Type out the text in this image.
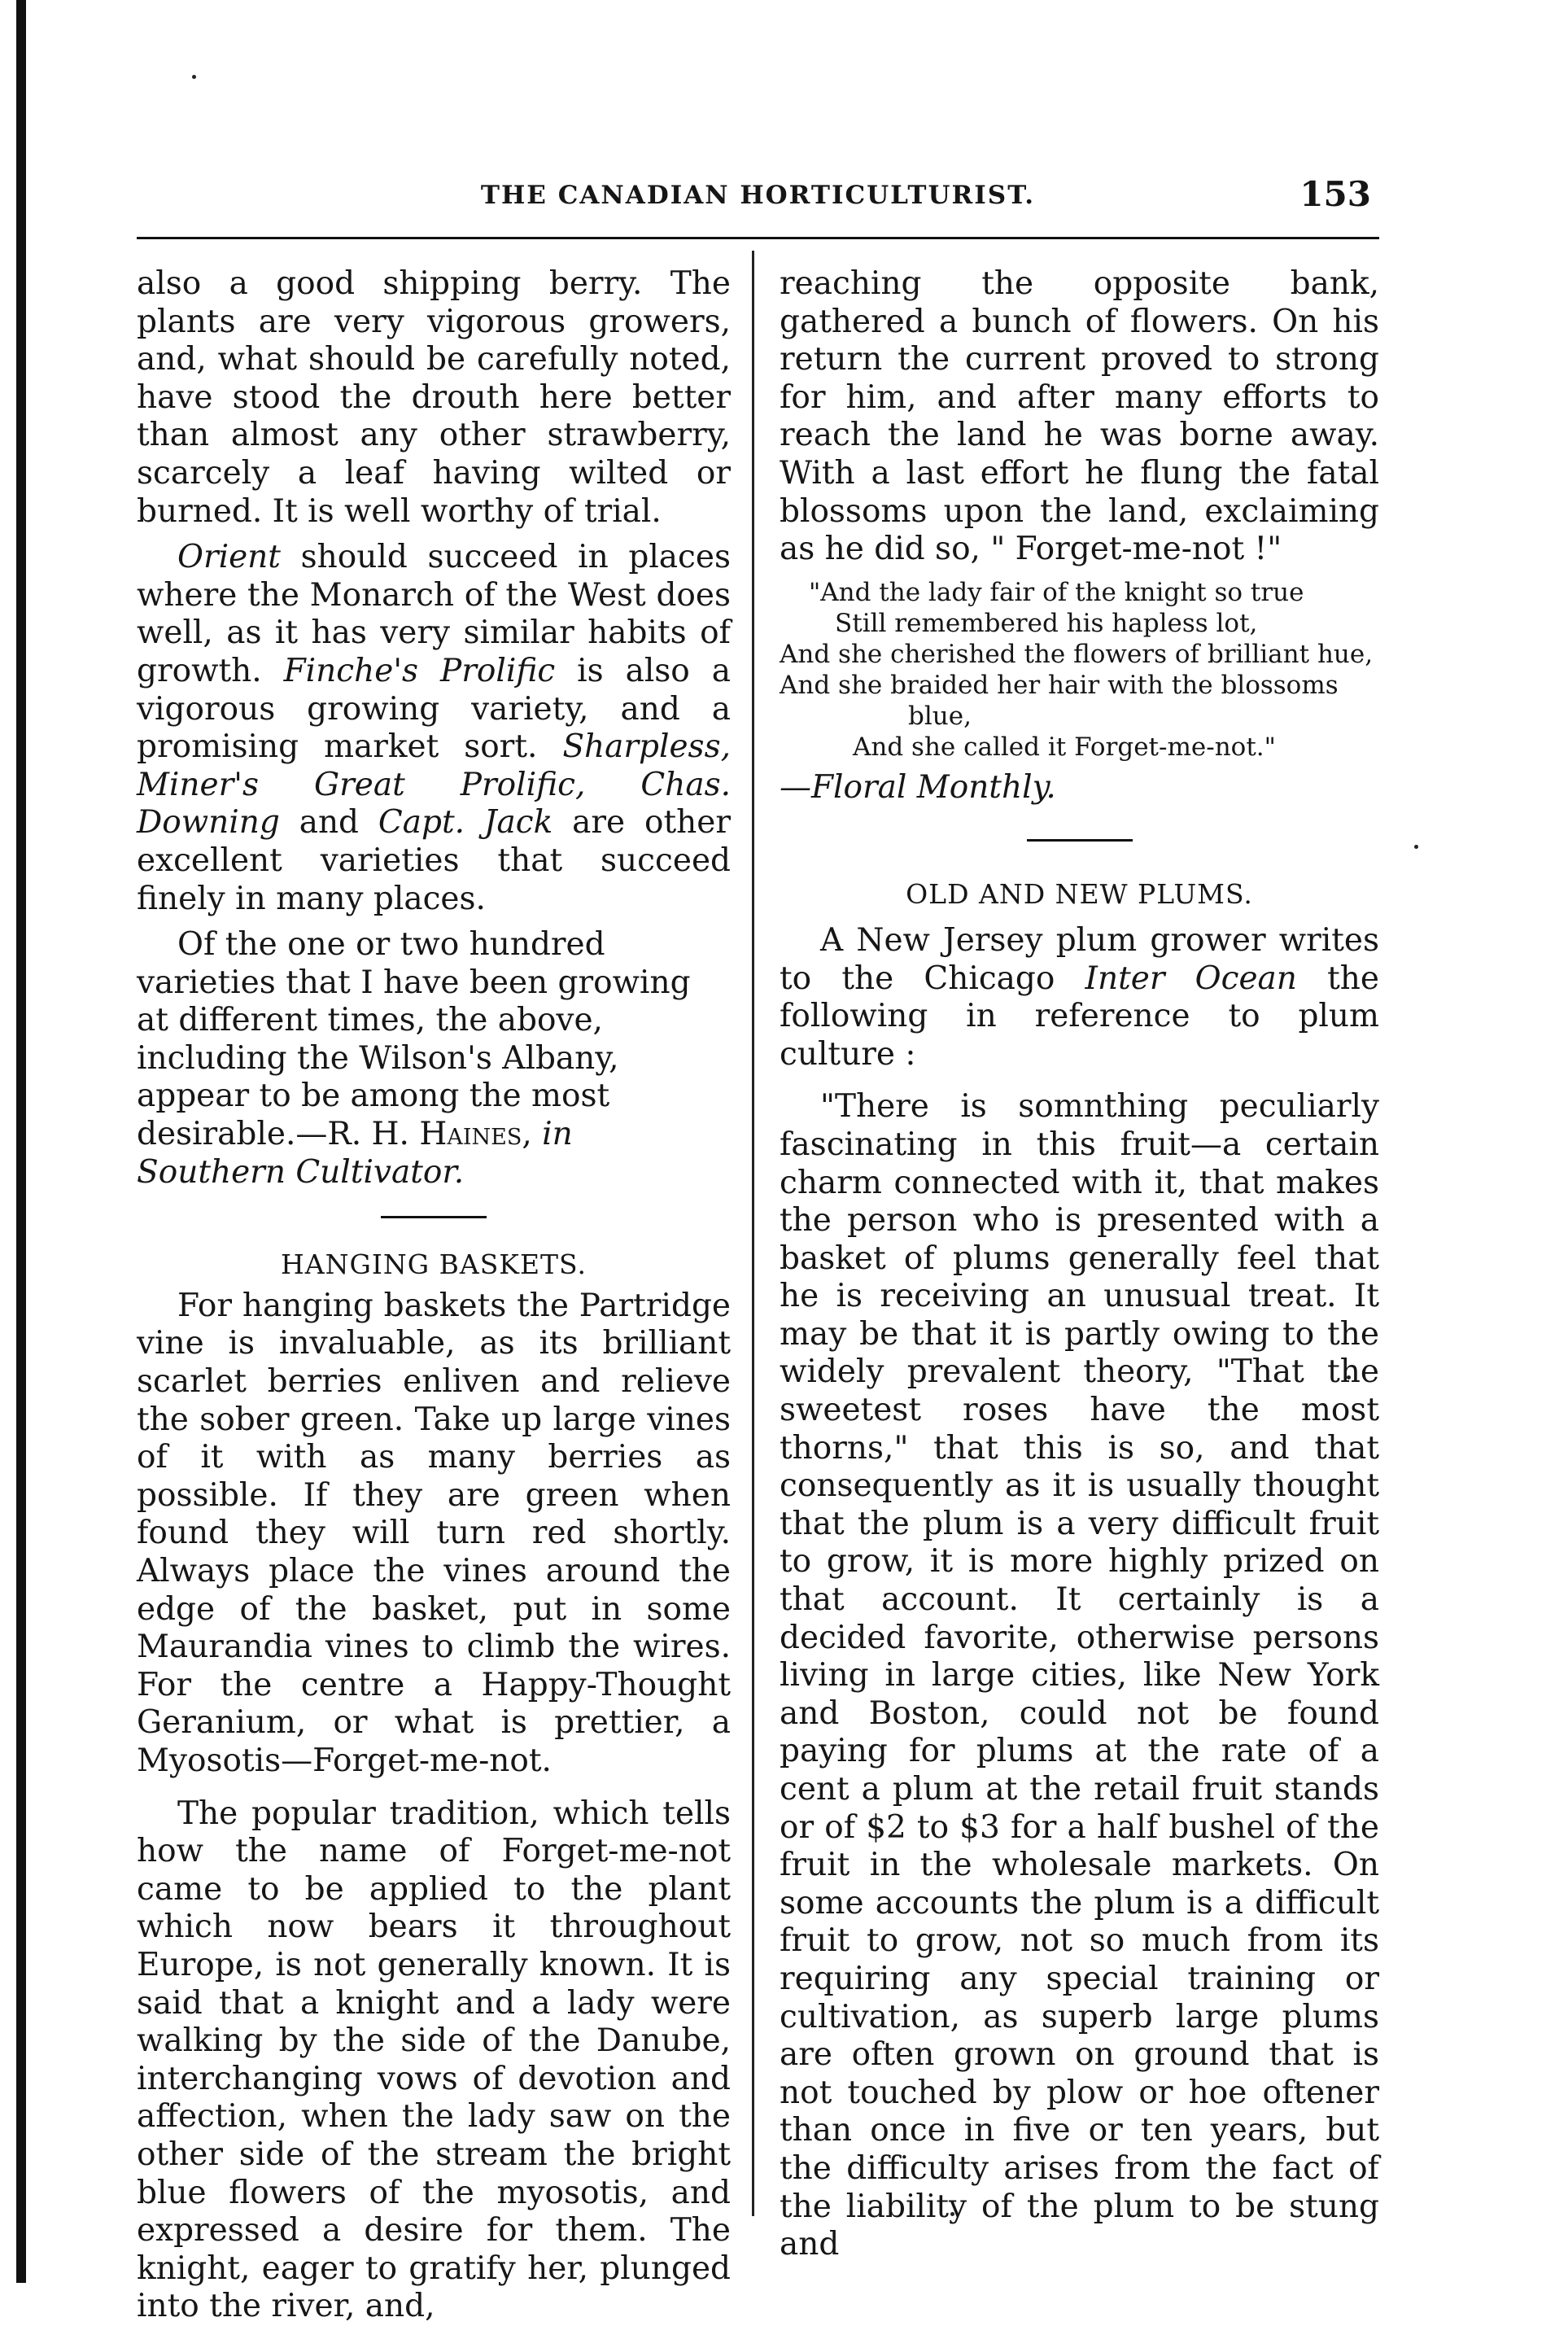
THE CANADIAN HORTICULTURIST.	153

also a good shipping berry. The plants are very vigorous growers, and, what should be carefully noted, have stood the drouth here better than almost any other strawberry, scarcely a leaf having wilted or burned. It is well worthy of trial.

Orient should succeed in places where the Monarch of the West does well, as it has very similar habits of growth. Finche's Prolific is also a vigorous growing variety, and a promising market sort. Sharpless, Miner's Great Prolific, Chas. Downing and Capt. Jack are other excellent varieties that succeed finely in many places.

Of the one or two hundred varieties that I have been growing at different times, the above, including the Wilson's Albany, appear to be among the most desirable.—R. H. Haines, in Southern Cultivator.

HANGING BASKETS.

For hanging baskets the Partridge vine is invaluable, as its brilliant scarlet berries enliven and relieve the sober green. Take up large vines of it with as many berries as possible. If they are green when found they will turn red shortly. Always place the vines around the edge of the basket, put in some Maurandia vines to climb the wires. For the centre a Happy-Thought Geranium, or what is prettier, a Myosotis—Forget-me-not.

The popular tradition, which tells how the name of Forget-me-not came to be applied to the plant which now bears it throughout Europe, is not generally known. It is said that a knight and a lady were walking by the side of the Danube, interchanging vows of devotion and affection, when the lady saw on the other side of the stream the bright blue flowers of the myosotis, and expressed a desire for them. The knight, eager to gratify her, plunged into the river, and,

reaching the opposite bank, gathered a bunch of flowers. On his return the current proved to strong for him, and after many efforts to reach the land he was borne away. With a last effort he flung the fatal blossoms upon the land, exclaiming as he did so, " Forget-me-not !"

"And the lady fair of the knight so true
Still remembered his hapless lot,
And she cherished the flowers of brilliant hue,
And she braided her hair with the blossoms
blue,
And she called it Forget-me-not."

—Floral Monthly.

OLD AND NEW PLUMS.

A New Jersey plum grower writes to the Chicago Inter Ocean the following in reference to plum culture :

"There is somnthing peculiarly fascinating in this fruit—a certain charm connected with it, that makes the person who is presented with a basket of plums generally feel that he is receiving an unusual treat. It may be that it is partly owing to the widely prevalent theory, "That the sweetest roses have the most thorns," that this is so, and that consequently as it is usually thought that the plum is a very difficult fruit to grow, it is more highly prized on that account. It certainly is a decided favorite, otherwise persons living in large cities, like New York and Boston, could not be found paying for plums at the rate of a cent a plum at the retail fruit stands or of $2 to $3 for a half bushel of the fruit in the wholesale markets. On some accounts the plum is a difficult fruit to grow, not so much from its requiring any special training or cultivation, as superb large plums are often grown on ground that is not touched by plow or hoe oftener than once in five or ten years, but the difficulty arises from the fact of the liability of the plum to be stung and
